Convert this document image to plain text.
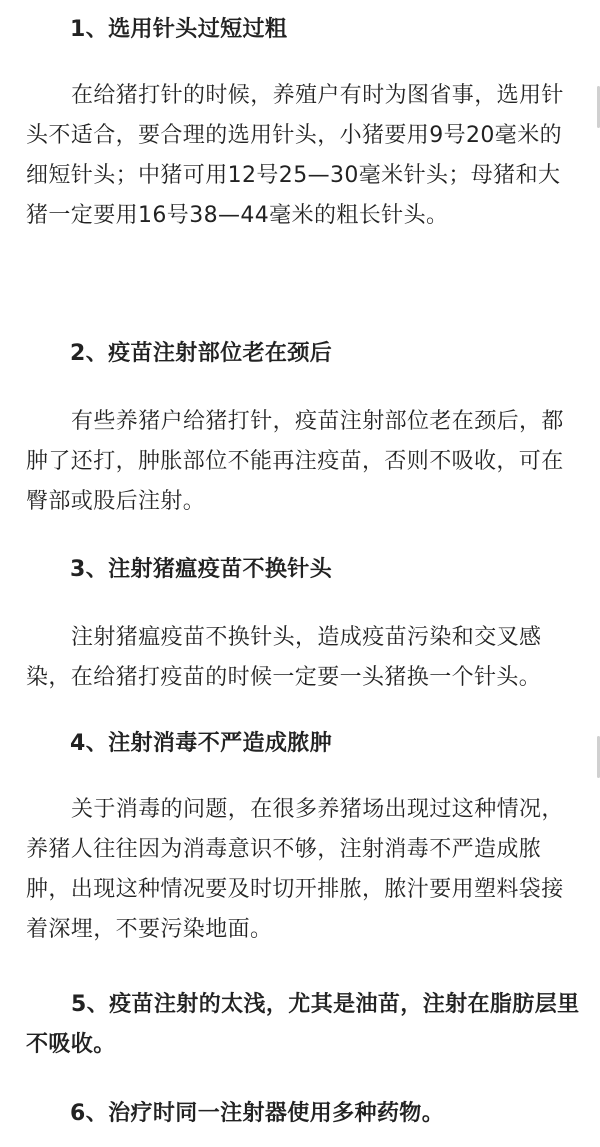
1、选用针头过短过粗

在给猪打针的时候，养殖户有时为图省事，选用针头不适合，要合理的选用针头，小猪要用9号20毫米的细短针头；中猪可用12号25—30毫米针头；母猪和大猪一定要用16号38—44毫米的粗长针头。

2、疫苗注射部位老在颈后

有些养猪户给猪打针，疫苗注射部位老在颈后，都肿了还打，肿胀部位不能再注疫苗，否则不吸收，可在臀部或股后注射。

3、注射猪瘟疫苗不换针头

注射猪瘟疫苗不换针头，造成疫苗污染和交叉感染，在给猪打疫苗的时候一定要一头猪换一个针头。

4、注射消毒不严造成脓肿

关于消毒的问题，在很多养猪场出现过这种情况，养猪人往往因为消毒意识不够，注射消毒不严造成脓肿，出现这种情况要及时切开排脓，脓汁要用塑料袋接着深埋，不要污染地面。

5、疫苗注射的太浅，尤其是油苗，注射在脂肪层里不吸收。

6、治疗时同一注射器使用多种药物。
